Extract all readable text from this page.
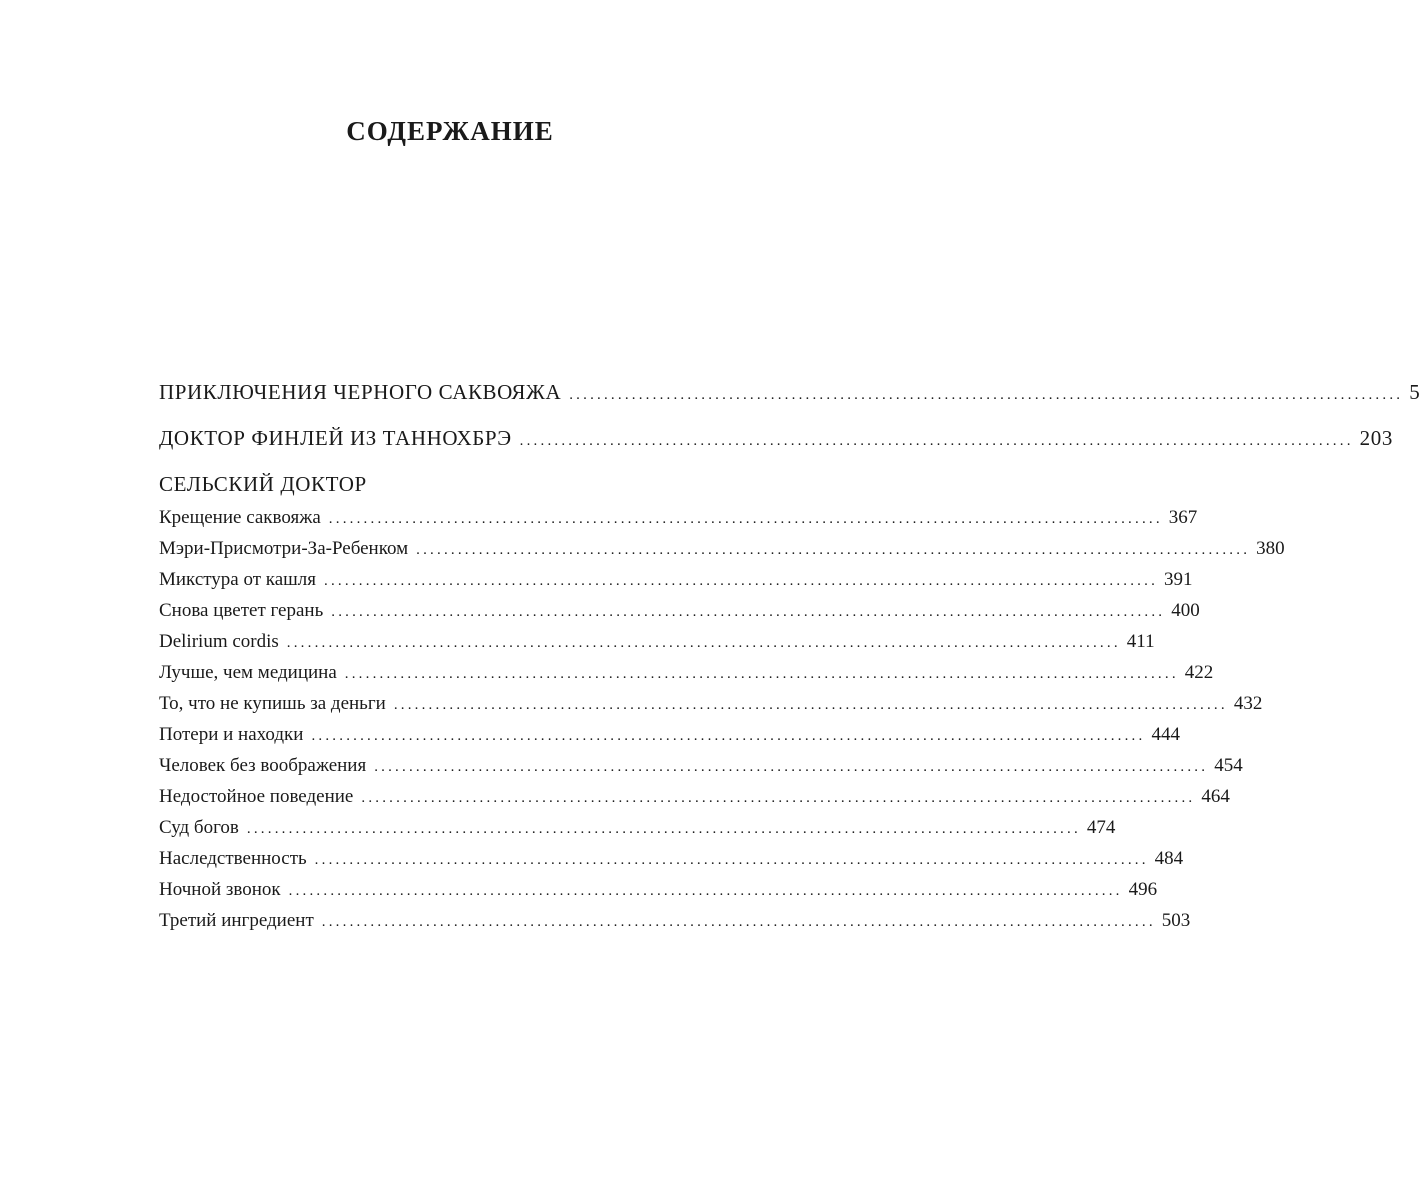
СОДЕРЖАНИЕ
ПРИКЛЮЧЕНИЯ ЧЕРНОГО САКВОЯЖА ........................................................................................................................ 5
ДОКТОР ФИНЛЕЙ ИЗ ТАННОХБРЭ ........................................................................................................................ 203
СЕЛЬСКИЙ ДОКТОР
Крещение саквояжа ........................................................................................................................ 367
Мэри-Присмотри-За-Ребенком ........................................................................................................................ 380
Микстура от кашля ........................................................................................................................ 391
Снова цветет герань ........................................................................................................................ 400
Delirium cordis ........................................................................................................................ 411
Лучше, чем медицина ........................................................................................................................ 422
То, что не купишь за деньги ........................................................................................................................ 432
Потери и находки ........................................................................................................................ 444
Человек без воображения ........................................................................................................................ 454
Недостойное поведение ........................................................................................................................ 464
Суд богов ........................................................................................................................ 474
Наследственность ........................................................................................................................ 484
Ночной звонок ........................................................................................................................ 496
Третий ингредиент ........................................................................................................................ 503
